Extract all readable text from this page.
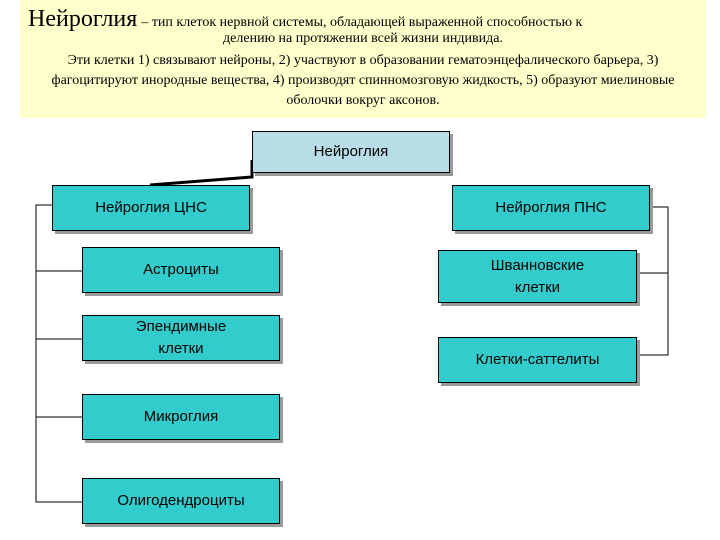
Нейроглия – тип клеток нервной системы, обладающей выраженной способностью к
делению на протяжении всей жизни индивида.
Эти клетки 1) связывают нейроны, 2) участвуют в образовании гематоэнцефалического барьера, 3) фагоцитируют инородные вещества, 4) производят спинномозговую жидкость, 5) образуют миелиновые оболочки вокруг аксонов.
Нейроглия
Нейроглия ЦНС	Нейроглия ПНС
Астроциты
Эпендимные клетки
Микроглия
Олигодендроциты
Шванновские клетки
Клетки-саттелиты
